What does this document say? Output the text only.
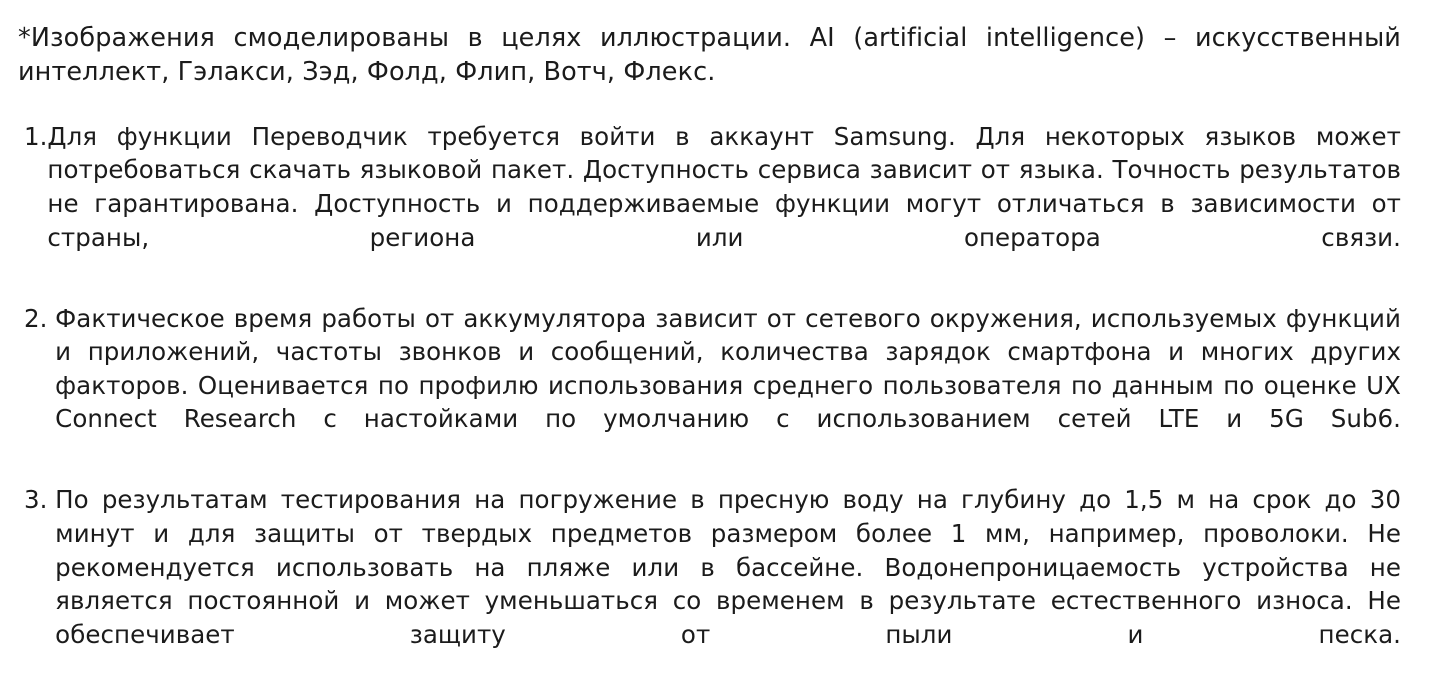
*Изображения смоделированы в целях иллюстрации. AI (artificial intelligence) – искусственный интеллект, Гэлакси, Зэд, Фолд, Флип, Вотч, Флекс.

1. Для функции Переводчик требуется войти в аккаунт Samsung. Для некоторых языков может потребоваться скачать языковой пакет. Доступность сервиса зависит от языка. Точность результатов не гарантирована. Доступность и поддерживаемые функции могут отличаться в зависимости от страны, региона или оператора связи.
2. Фактическое время работы от аккумулятора зависит от сетевого окружения, используемых функций и приложений, частоты звонков и сообщений, количества зарядок смартфона и многих других факторов. Оценивается по профилю использования среднего пользователя по данным по оценке UX Connect Research с настойками по умолчанию с использованием сетей LTE и 5G Sub6.
3. По результатам тестирования на погружение в пресную воду на глубину до 1,5 м на срок до 30 минут и для защиты от твердых предметов размером более 1 мм, например, проволоки. Не рекомендуется использовать на пляже или в бассейне. Водонепроницаемость устройства не является постоянной и может уменьшаться со временем в результате естественного износа. Не обеспечивает защиту от пыли и песка.
